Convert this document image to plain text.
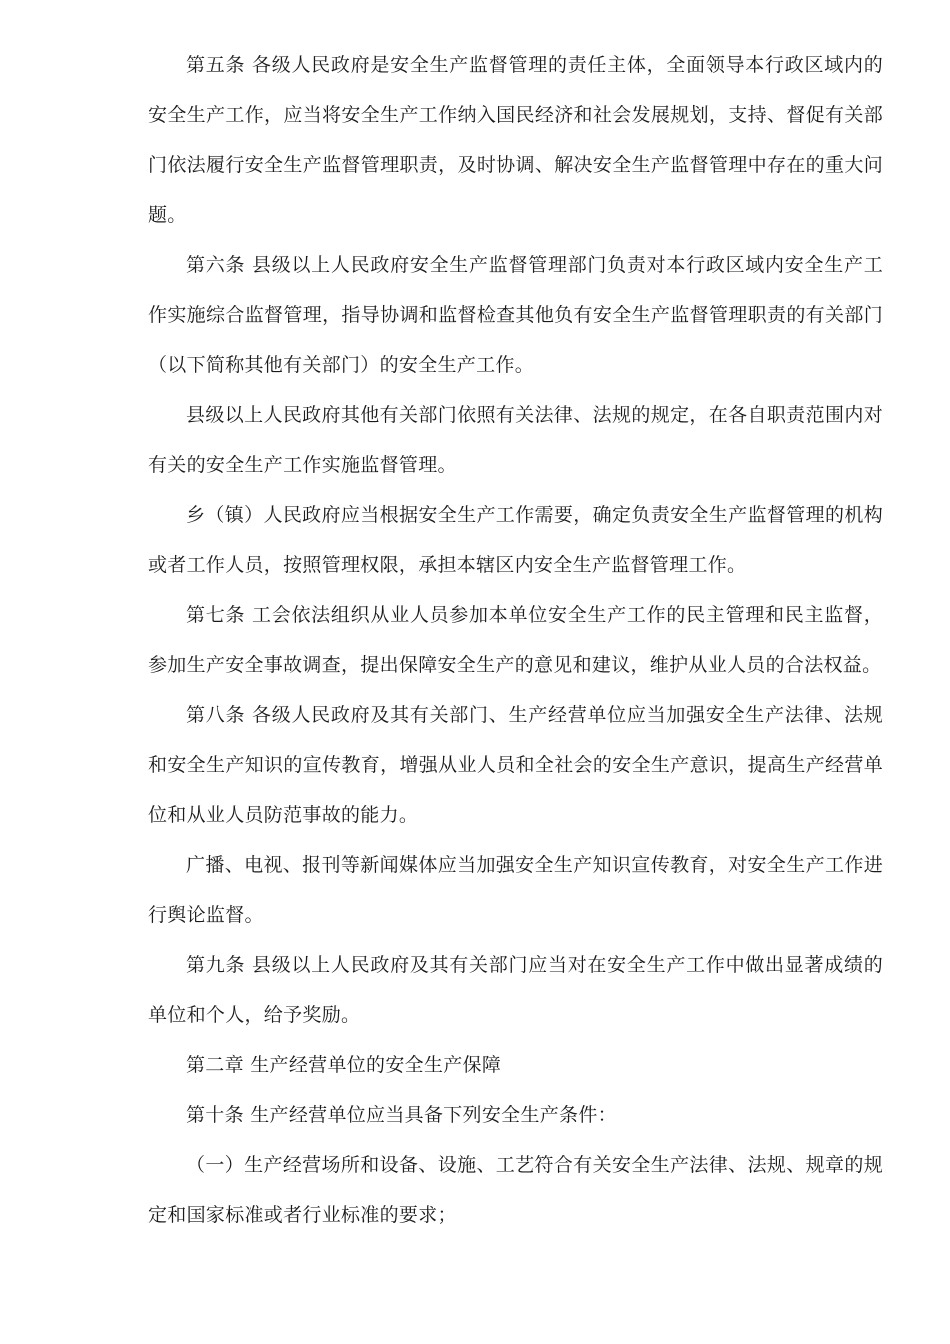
第五条 各级人民政府是安全生产监督管理的责任主体，全面领导本行政区域内的安全生产工作，应当将安全生产工作纳入国民经济和社会发展规划，支持、督促有关部门依法履行安全生产监督管理职责，及时协调、解决安全生产监督管理中存在的重大问题。

第六条 县级以上人民政府安全生产监督管理部门负责对本行政区域内安全生产工作实施综合监督管理，指导协调和监督检查其他负有安全生产监督管理职责的有关部门（以下简称其他有关部门）的安全生产工作。

县级以上人民政府其他有关部门依照有关法律、法规的规定，在各自职责范围内对有关的安全生产工作实施监督管理。

乡（镇）人民政府应当根据安全生产工作需要，确定负责安全生产监督管理的机构或者工作人员，按照管理权限，承担本辖区内安全生产监督管理工作。

第七条 工会依法组织从业人员参加本单位安全生产工作的民主管理和民主监督，参加生产安全事故调查，提出保障安全生产的意见和建议，维护从业人员的合法权益。

第八条 各级人民政府及其有关部门、生产经营单位应当加强安全生产法律、法规和安全生产知识的宣传教育，增强从业人员和全社会的安全生产意识，提高生产经营单位和从业人员防范事故的能力。

广播、电视、报刊等新闻媒体应当加强安全生产知识宣传教育，对安全生产工作进行舆论监督。

第九条 县级以上人民政府及其有关部门应当对在安全生产工作中做出显著成绩的单位和个人，给予奖励。

第二章 生产经营单位的安全生产保障

第十条 生产经营单位应当具备下列安全生产条件：

（一）生产经营场所和设备、设施、工艺符合有关安全生产法律、法规、规章的规定和国家标准或者行业标准的要求；
